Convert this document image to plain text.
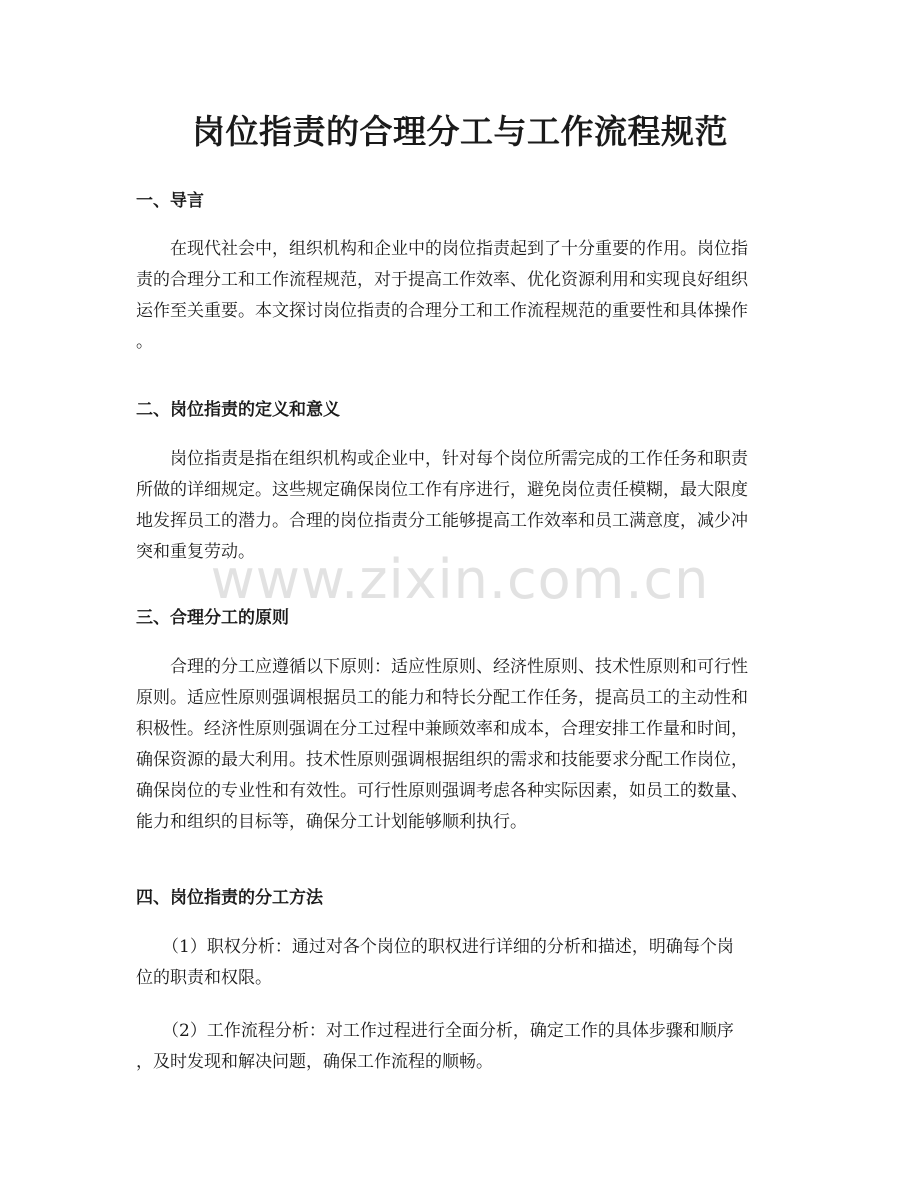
岗位指责的合理分工与工作流程规范
一、导言

在现代社会中，组织机构和企业中的岗位指责起到了十分重要的作用。岗位指
责的合理分工和工作流程规范，对于提高工作效率、优化资源利用和实现良好组织
运作至关重要。本文探讨岗位指责的合理分工和工作流程规范的重要性和具体操作
。

二、岗位指责的定义和意义

岗位指责是指在组织机构或企业中，针对每个岗位所需完成的工作任务和职责
所做的详细规定。这些规定确保岗位工作有序进行，避免岗位责任模糊，最大限度
地发挥员工的潜力。合理的岗位指责分工能够提高工作效率和员工满意度，减少冲
突和重复劳动。

三、合理分工的原则

合理的分工应遵循以下原则：适应性原则、经济性原则、技术性原则和可行性
原则。适应性原则强调根据员工的能力和特长分配工作任务，提高员工的主动性和
积极性。经济性原则强调在分工过程中兼顾效率和成本，合理安排工作量和时间，
确保资源的最大利用。技术性原则强调根据组织的需求和技能要求分配工作岗位，
确保岗位的专业性和有效性。可行性原则强调考虑各种实际因素，如员工的数量、
能力和组织的目标等，确保分工计划能够顺利执行。

四、岗位指责的分工方法

（1）职权分析：通过对各个岗位的职权进行详细的分析和描述，明确每个岗
位的职责和权限。

（2）工作流程分析：对工作过程进行全面分析，确定工作的具体步骤和顺序
，及时发现和解决问题，确保工作流程的顺畅。

www.zixin.com.cn
